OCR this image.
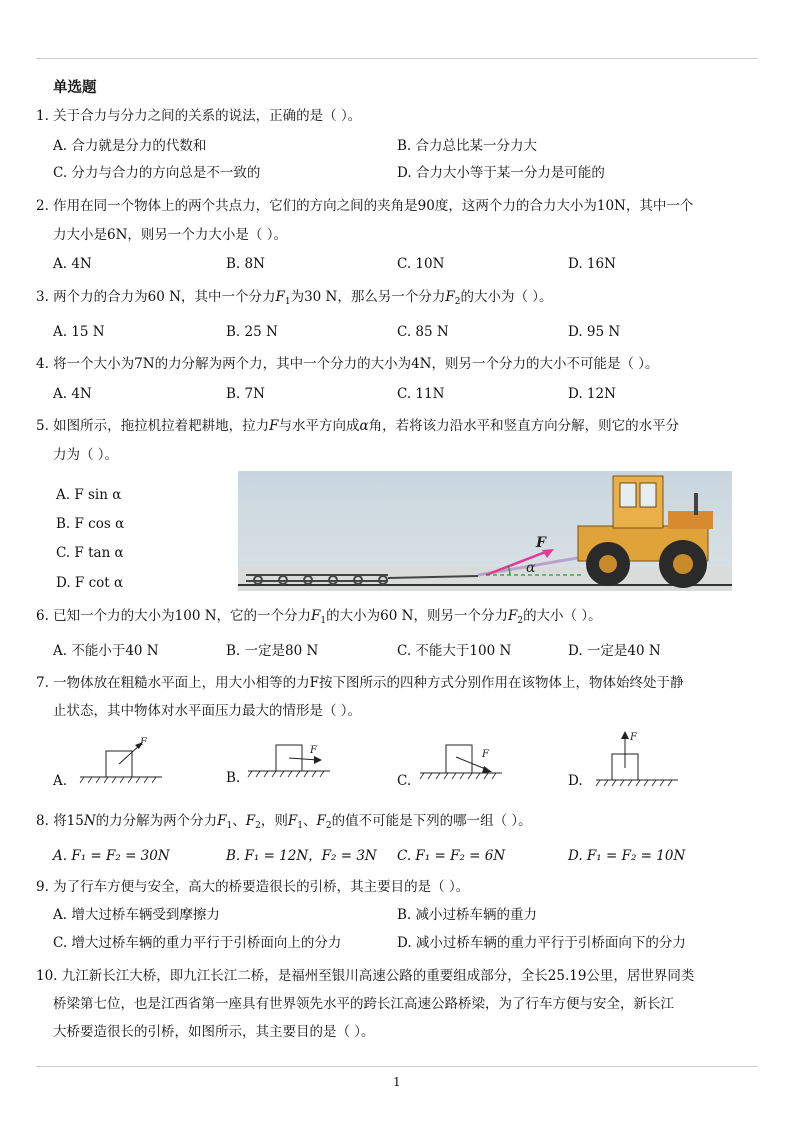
单选题
1. 关于合力与分力之间的关系的说法，正确的是（ ）。
A. 合力就是分力的代数和	B. 合力总比某一分力大
C. 分力与合力的方向总是不一致的	D. 合力大小等于某一分力是可能的
2. 作用在同一个物体上的两个共点力，它们的方向之间的夹角是90度，这两个力的合力大小为10N，其中一个
力大小是6N，则另一个力大小是（ ）。
A. 4N	B. 8N	C. 10N	D. 16N
3. 两个力的合力为60 N，其中一个分力$F_1$为30 N，那么另一个分力$F_2$的大小为（ ）。
A. 15 N	B. 25 N	C. 85 N	D. 95 N
4. 将一个大小为7N的力分解为两个力，其中一个分力的大小为4N，则另一个分力的大小不可能是（ ）。
A. 4N	B. 7N	C. 11N	D. 12N
5. 如图所示，拖拉机拉着耙耕地，拉力F与水平方向成α角，若将该力沿水平和竖直方向分解，则它的水平分
力为（ ）。
A. F sin α
B. F cos α
C. F tan α
D. F cot α
F
α
6. 已知一个力的大小为100 N，它的一个分力$F_1$的大小为60 N，则另一个分力$F_2$的大小（ ）。
A. 不能小于40 N	B. 一定是80 N	C. 不能大于100 N	D. 一定是40 N
7. 一物体放在粗糙水平面上，用大小相等的力F按下图所示的四种方式分别作用在该物体上，物体始终处于静
止状态，其中物体对水平面压力最大的情形是（ ）。
A.	B.	C.	D.
F
F	F
F
8. 将15N的力分解为两个分力$F_1$、$F_2$，则$F_1$、$F_2$的值不可能是下列的哪一组（ ）。
A. F₁ = F₂ = 30N	B. F₁ = 12N，F₂ = 3N C. F₁ = F₂ = 6N	D. F₁ = F₂ = 10N
9. 为了行车方便与安全，高大的桥要造很长的引桥，其主要目的是（ ）。
A. 增大过桥车辆受到摩擦力	B. 减小过桥车辆的重力
C. 增大过桥车辆的重力平行于引桥面向上的分力	D. 减小过桥车辆的重力平行于引桥面向下的分力
10. 九江新长江大桥，即九江长江二桥，是福州至银川高速公路的重要组成部分，全长25.19公里，居世界同类
桥梁第七位，也是江西省第一座具有世界领先水平的跨长江高速公路桥梁，为了行车方便与安全，新长江
大桥要造很长的引桥，如图所示，其主要目的是（ ）。
1
